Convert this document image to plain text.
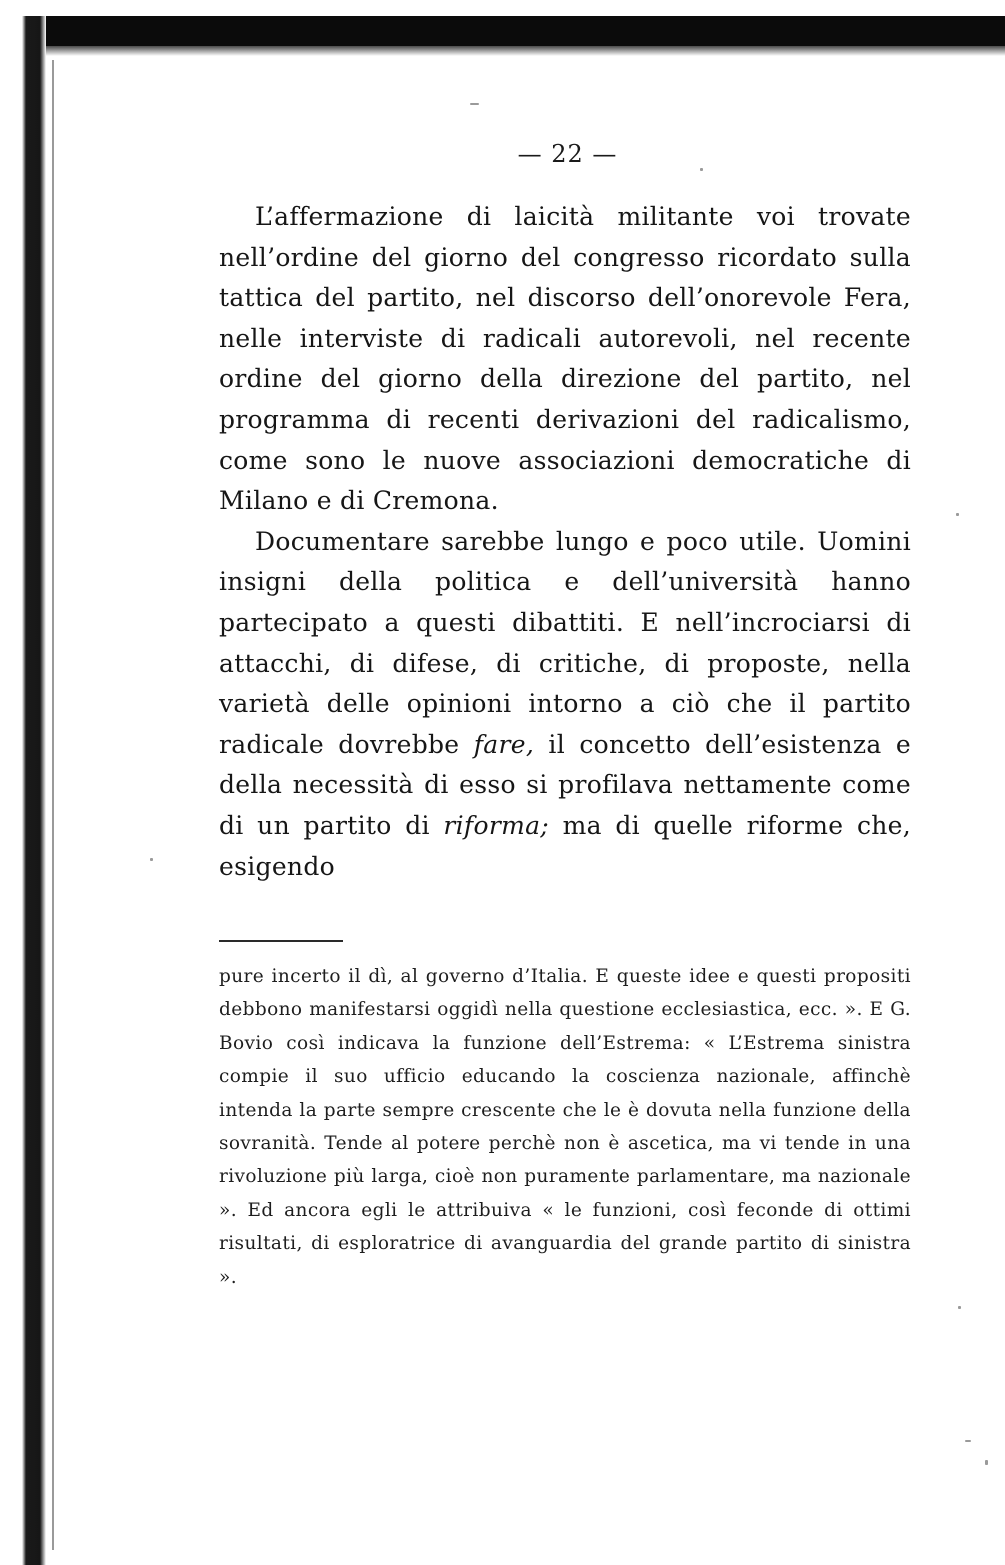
— 22 —

L’affermazione di laicità militante voi trovate nell’ordine del giorno del congresso ricordato sulla tattica del partito, nel discorso dell’onorevole Fera, nelle interviste di radicali autorevoli, nel recente ordine del giorno della direzione del partito, nel programma di recenti derivazioni del radicalismo, come sono le nuove associazioni democratiche di Milano e di Cremona.

Documentare sarebbe lungo e poco utile. Uomini insigni della politica e dell’università hanno partecipato a questi dibattiti. E nell’incrociarsi di attacchi, di difese, di critiche, di proposte, nella varietà delle opinioni intorno a ciò che il partito radicale dovrebbe fare, il concetto dell’esistenza e della necessità di esso si profilava nettamente come di un partito di riforma; ma di quelle riforme che, esigendo

pure incerto il dì, al governo d’Italia. E queste idee e questi propositi debbono manifestarsi oggidì nella questione ecclesiastica, ecc. ». E G. Bovio così indicava la funzione dell’Estrema: « L’Estrema sinistra compie il suo ufficio educando la coscienza nazionale, affinchè intenda la parte sempre crescente che le è dovuta nella funzione della sovranità. Tende al potere perchè non è ascetica, ma vi tende in una rivoluzione più larga, cioè non puramente parlamentare, ma nazionale ». Ed ancora egli le attribuiva « le funzioni, così feconde di ottimi risultati, di esploratrice di avanguardia del grande partito di sinistra ».
